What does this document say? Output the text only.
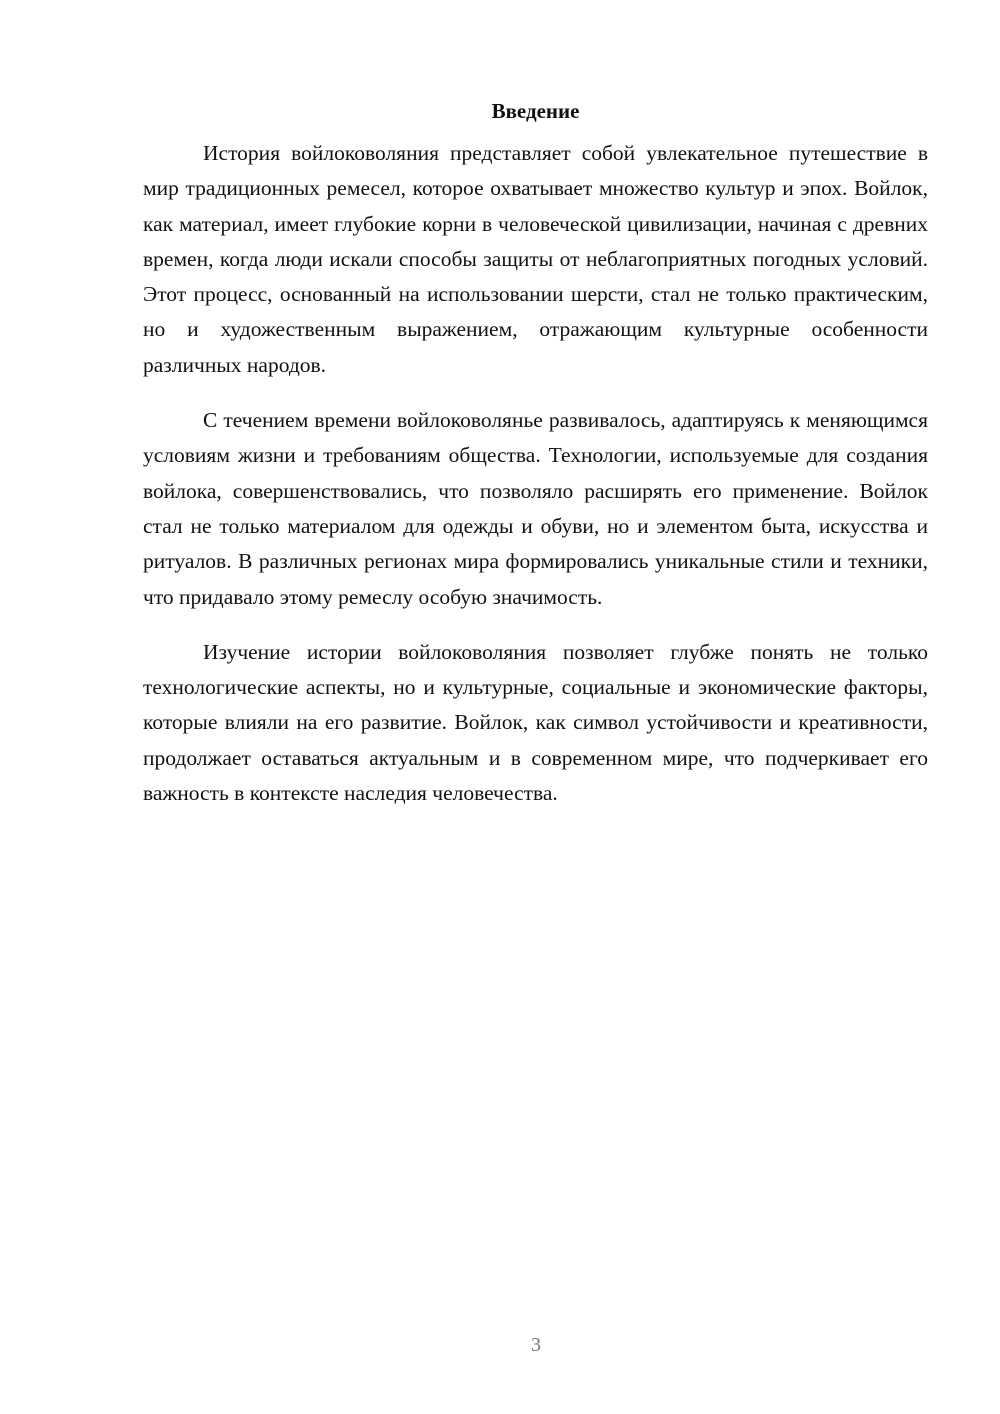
Введение

История войлоковоляния представляет собой увлекательное путешествие в мир традиционных ремесел, которое охватывает множество культур и эпох. Войлок, как материал, имеет глубокие корни в человеческой цивилизации, начиная с древних времен, когда люди искали способы защиты от неблагоприятных погодных условий. Этот процесс, основанный на использовании шерсти, стал не только практическим, но и художественным выражением, отражающим культурные особенности различных народов.

С течением времени войлоковолянье развивалось, адаптируясь к меняющимся условиям жизни и требованиям общества. Технологии, используемые для создания войлока, совершенствовались, что позволяло расширять его применение. Войлок стал не только материалом для одежды и обуви, но и элементом быта, искусства и ритуалов. В различных регионах мира формировались уникальные стили и техники, что придавало этому ремеслу особую значимость.

Изучение истории войлоковоляния позволяет глубже понять не только технологические аспекты, но и культурные, социальные и экономические факторы, которые влияли на его развитие. Войлок, как символ устойчивости и креативности, продолжает оставаться актуальным и в современном мире, что подчеркивает его важность в контексте наследия человечества.

3
